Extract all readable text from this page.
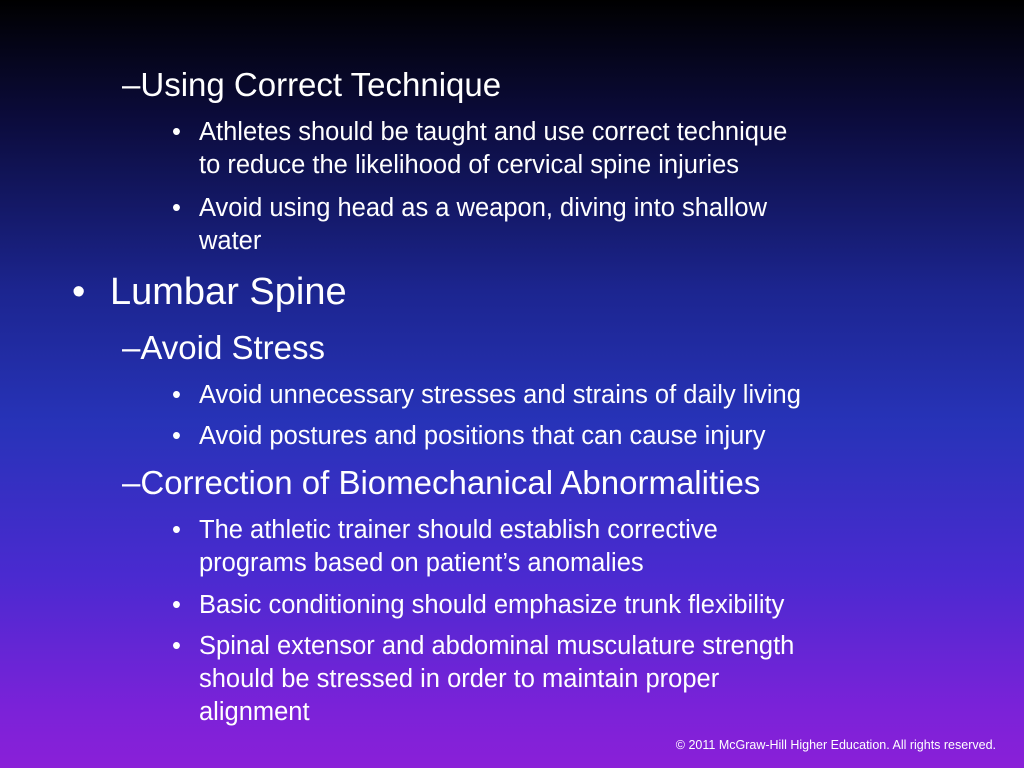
–Using Correct Technique
• Athletes should be taught and use correct technique
to reduce the likelihood of cervical spine injuries
• Avoid using head as a weapon, diving into shallow
water
• Lumbar Spine
–Avoid Stress
• Avoid unnecessary stresses and strains of daily living
• Avoid postures and positions that can cause injury
–Correction of Biomechanical Abnormalities
• The athletic trainer should establish corrective
programs based on patient’s anomalies
• Basic conditioning should emphasize trunk flexibility
• Spinal extensor and abdominal musculature strength
should be stressed in order to maintain proper
alignment
© 2011 McGraw-Hill Higher Education. All rights reserved.
